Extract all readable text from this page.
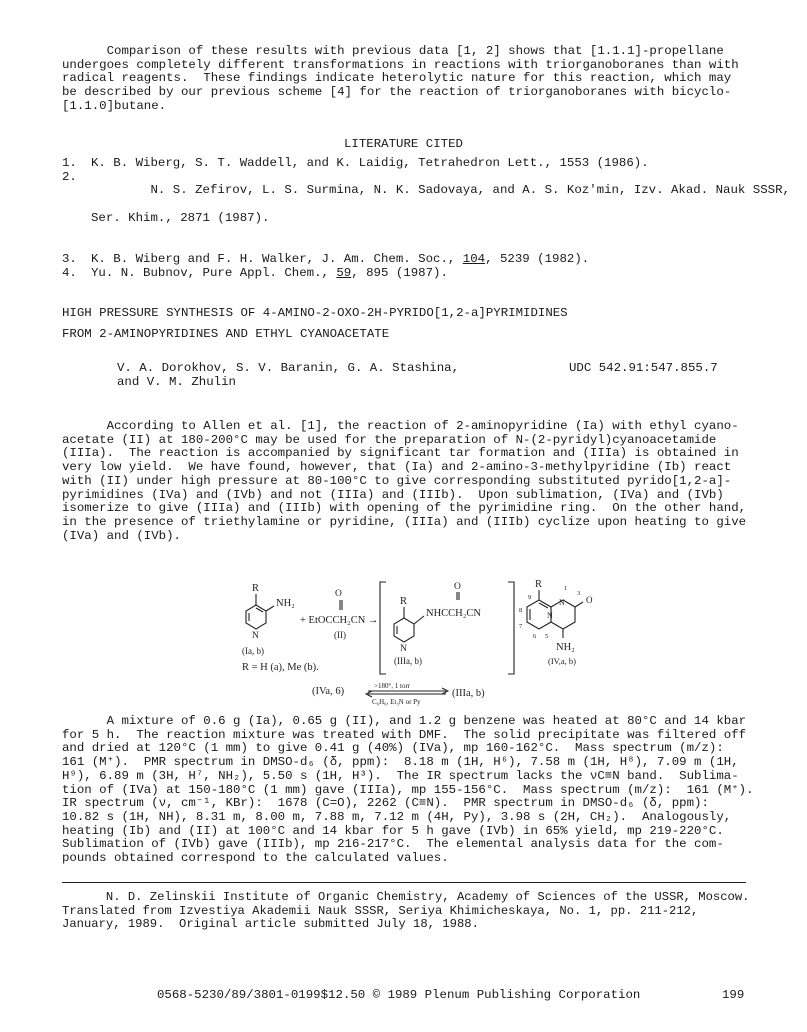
Comparison of these results with previous data [1, 2] shows that [1.1.1]-propellane
undergoes completely different transformations in reactions with triorganoboranes than with
radical reagents.  These findings indicate heterolytic nature for this reaction, which may
be described by our previous scheme [4] for the reaction of triorganoboranes with bicyclo-
[1.1.0]butane.
LITERATURE CITED
1.	K. B. Wiberg, S. T. Waddell, and K. Laidig, Tetrahedron Lett., 1553 (1986).
2.

N. S. Zefirov, L. S. Surmina, N. K. Sadovaya, and A. S. Koz'min, Izv. Akad. Nauk SSSR,

Ser. Khim., 2871 (1987).

3.	K. B. Wiberg and F. H. Walker, J. Am. Chem. Soc., 104, 5239 (1982).
4.	Yu. N. Bubnov, Pure Appl. Chem., 59, 895 (1987).
HIGH PRESSURE SYNTHESIS OF 4-AMINO-2-OXO-2H-PYRIDO[1,2-a]PYRIMIDINES
FROM 2-AMINOPYRIDINES AND ETHYL CYANOACETATE
V. A. Dorokhov, S. V. Baranin, G. A. Stashina,
and V. M. Zhulin
UDC 542.91:547.855.7
According to Allen et al. [1], the reaction of 2-aminopyridine (Ia) with ethyl cyano-
acetate (II) at 180-200°C may be used for the preparation of N-(2-pyridyl)cyanoacetamide
(IIIa).  The reaction is accompanied by significant tar formation and (IIIa) is obtained in
very low yield.  We have found, however, that (Ia) and 2-amino-3-methylpyridine (Ib) react
with (II) under high pressure at 80-100°C to give corresponding substituted pyrido[1,2-a]-
pyrimidines (IVa) and (IVb) and not (IIIa) and (IIIb).  Upon sublimation, (IVa) and (IVb)
isomerize to give (IIIa) and (IIIb) with opening of the pyrimidine ring.  On the other hand,
in the presence of triethylamine or pyridine, (IIIa) and (IIIb) cyclize upon heating to give
(IVa) and (IVb).
R
NH₂
N
(Ia, b)
R = H (a), Me (b).
O
+ EtOCCH₂CN →
(II)
R
NHCCH₂CN
O
N
(IIIa, b)
R
N
N O
NH₂
(IV,a, b)
9
8
7
6 5
3
1
(IVa, 6)	>180°, 1 torr
C₆H₆, Et₃N or Py
(IIIa, b)
A mixture of 0.6 g (Ia), 0.65 g (II), and 1.2 g benzene was heated at 80°C and 14 kbar
for 5 h.  The reaction mixture was treated with DMF.  The solid precipitate was filtered off
and dried at 120°C (1 mm) to give 0.41 g (40%) (IVa), mp 160-162°C.  Mass spectrum (m/z):
161 (M⁺).  PMR spectrum in DMSO-d₆ (δ, ppm):  8.18 m (1H, H⁶), 7.58 m (1H, H⁸), 7.09 m (1H,
H⁹), 6.89 m (3H, H⁷, NH₂), 5.50 s (1H, H³).  The IR spectrum lacks the νC≡N band.  Sublima-
tion of (IVa) at 150-180°C (1 mm) gave (IIIa), mp 155-156°C.  Mass spectrum (m/z):  161 (M⁺).
IR spectrum (ν, cm⁻¹, KBr):  1678 (C=O), 2262 (C≡N).  PMR spectrum in DMSO-d₆ (δ, ppm):
10.82 s (1H, NH), 8.31 m, 8.00 m, 7.88 m, 7.12 m (4H, Py), 3.98 s (2H, CH₂).  Analogously,
heating (Ib) and (II) at 100°C and 14 kbar for 5 h gave (IVb) in 65% yield, mp 219-220°C.
Sublimation of (IVb) gave (IIIb), mp 216-217°C.  The elemental analysis data for the com-
pounds obtained correspond to the calculated values.
N. D. Zelinskii Institute of Organic Chemistry, Academy of Sciences of the USSR, Moscow.
Translated from Izvestiya Akademii Nauk SSSR, Seriya Khimicheskaya, No. 1, pp. 211-212,
January, 1989.  Original article submitted July 18, 1988.
0568-5230/89/3801-0199$12.50 © 1989 Plenum Publishing Corporation	199
